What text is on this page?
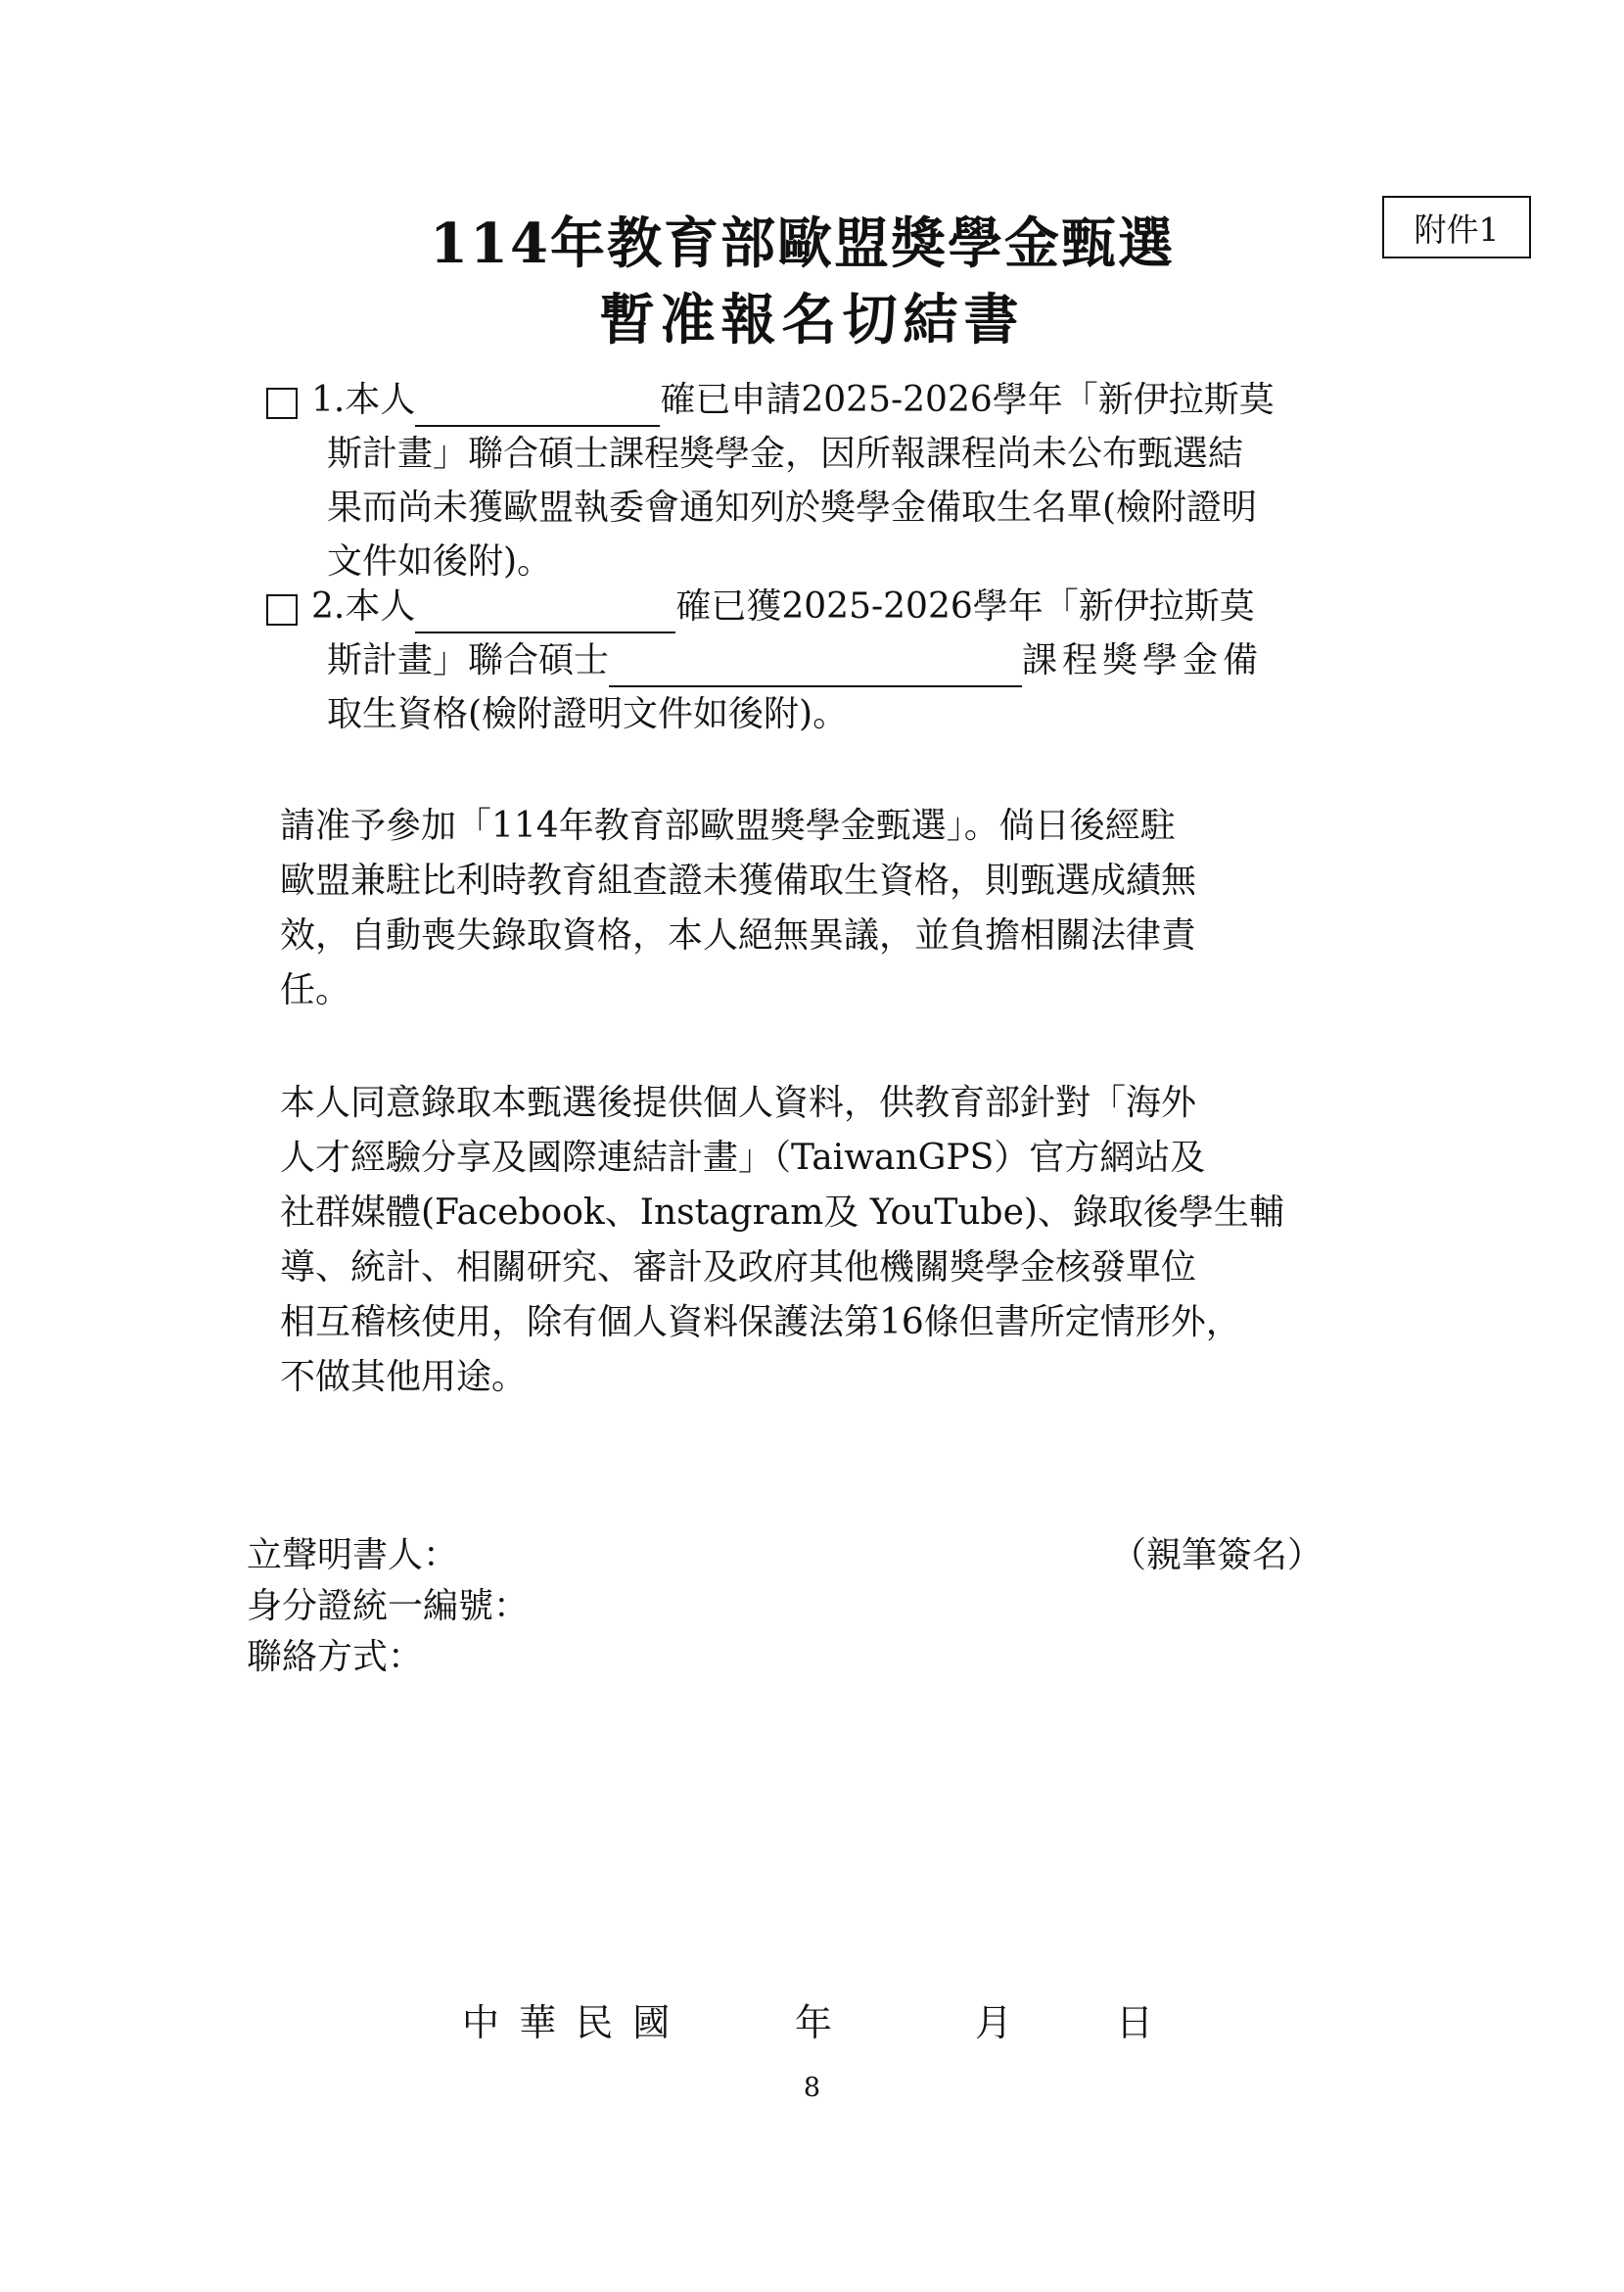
附件1
114年教育部歐盟獎學金甄選
暫准報名切結書
1.本人	確已申請2025-2026學年「新伊拉斯莫
斯計畫」聯合碩士課程獎學金，因所報課程尚未公布甄選結
果而尚未獲歐盟執委會通知列於獎學金備取生名單(檢附證明
文件如後附)。
2.本人	確已獲2025-2026學年「新伊拉斯莫
斯計畫」聯合碩士	課程獎學金備
取生資格(檢附證明文件如後附)。
請准予參加「114年教育部歐盟獎學金甄選」。倘日後經駐
歐盟兼駐比利時教育組查證未獲備取生資格，則甄選成績無
效，自動喪失錄取資格，本人絕無異議，並負擔相關法律責
任。
本人同意錄取本甄選後提供個人資料，供教育部針對「海外
人才經驗分享及國際連結計畫」（TaiwanGPS）官方網站及
社群媒體(Facebook、Instagram及 YouTube)、錄取後學生輔
導、統計、相關研究、審計及政府其他機關獎學金核發單位
相互稽核使用，除有個人資料保護法第16條但書所定情形外，
不做其他用途。
立聲明書人：	（親筆簽名）
身分證統一編號：
聯絡方式：
中 華 民 國	年	月	日
8
